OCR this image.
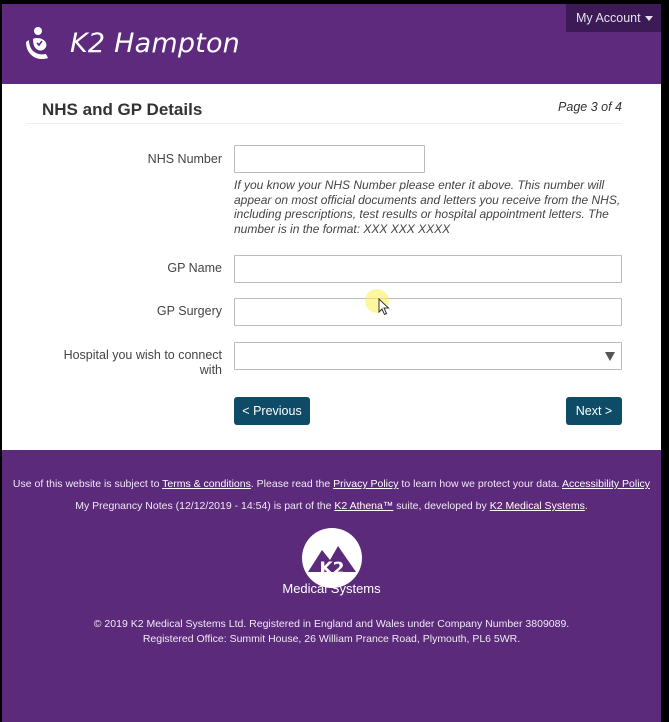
K2 Hampton
My Account
NHS and GP Details	Page 3 of 4
NHS Number
If you know your NHS Number please enter it above. This number will appear on most official documents and letters you receive from the NHS, including prescriptions, test results or hospital appointment letters. The number is in the format: XXX XXX XXXX
GP Name
GP Surgery
Hospital you wish to connect
with
< Previous	Next >
Use of this website is subject to Terms & conditions. Please read the Privacy Policy to learn how we protect your data. Accessibility Policy
My Pregnancy Notes (12/12/2019 - 14:54) is part of the K2 Athena™ suite, developed by K2 Medical Systems.
K2
Medical Systems
© 2019 K2 Medical Systems Ltd. Registered in England and Wales under Company Number 3809089.
Registered Office: Summit House, 26 William Prance Road, Plymouth, PL6 5WR.
